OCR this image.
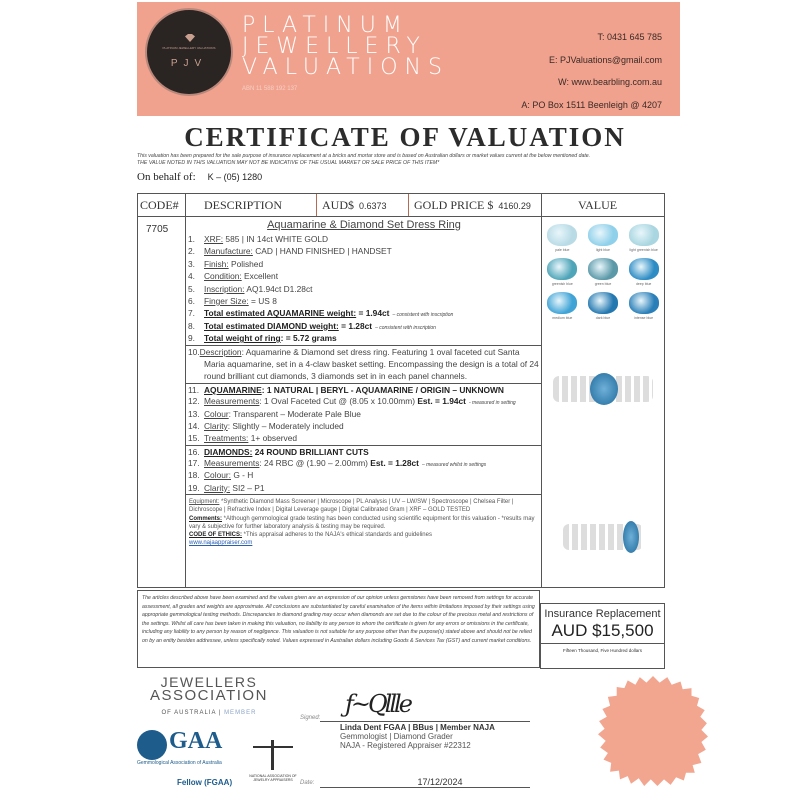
PLATINUM JEWELLERY VALUATIONS
PJV
PLATINUM
JEWELLERY
VALUATIONS
ABN 11 588 192 137
T: 0431 645 785
E: PJValuations@gmail.com
W: www.bearbling.com.au
A: PO Box 1511 Beenleigh @ 4207
CERTIFICATE OF VALUATION
This valuation has been prepared for the sale purpose of insurance replacement at a bricks and mortar store and is based on Australian dollars or market values current at the below mentioned date.
THE VALUE NOTED IN THIS VALUATION MAY NOT BE INDICATIVE OF THE USUAL MARKET OR SALE PRICE OF THIS ITEM*
On behalf of: K – (05) 1280
CODE# DESCRIPTION	AUD$ 0.6373 GOLD PRICE $ 4160.29	VALUE
7705	Aquamarine & Diamond Set Dress Ring
1. XRF: 585 | IN 14ct WHITE GOLD
2. Manufacture: CAD | HAND FINISHED | HANDSET
3. Finish: Polished
4. Condition: Excellent
5. Inscription: AQ1.94ct D1.28ct
6. Finger Size: = US 8
7. Total estimated AQUAMARINE weight: = 1.94ct – consistent with inscription
8. Total estimated DIAMOND weight: = 1.28ct – consistent with inscription
9. Total weight of ring: = 5.72 grams
10.Description: Aquamarine & Diamond set dress ring. Featuring 1 oval faceted cut Santa Maria aquamarine, set in a 4-claw basket setting. Encompassing the design is a total of 24 round brilliant cut diamonds, 3 diamonds set in in each panel channels.
11. AQUAMARINE: 1 NATURAL | BERYL - AQUAMARINE / ORIGIN – UNKNOWN
12. Measurements: 1 Oval Faceted Cut @ (8.05 x 10.00mm) Est. = 1.94ct - measured in setting
13. Colour: Transparent – Moderate Pale Blue
14. Clarity: Slightly – Moderately included
15. Treatments: 1+ observed
16. DIAMONDS: 24 ROUND BRILLIANT CUTS
17. Measurements: 24 RBC @ (1.90 – 2.00mm) Est. = 1.28ct – measured whilst in settings
18. Colour: G - H
19. Clarity: SI2 – P1
Equipment: *Synthetic Diamond Mass Screener | Microscope | PL Analysis | UV – LW/SW | Spectroscope | Chelsea Filter | Dichroscope | Refractive Index | Digital Leverage gauge | Digital Calibrated Gram | XRF – GOLD TESTED
Comments: *Although gemmological grade testing has been conducted using scientific equipment for this valuation - *results may vary & subjective for further laboratory analysis & testing may be required.
CODE OF ETHICS: *This appraisal adheres to the NAJA's ethical standards and guidelines
www.najaappraiser.com
pale blue	light blue	light greenish blue
greenish blue	green blue	deep blue
medium blue	dark blue	intense blue
The articles described above have been examined and the values given are an expression of our opinion unless gemstones have been removed from settings for accurate assessment, all grades and weights are approximate. All conclusions are substantiated by careful examination of the items within limitations imposed by their settings using appropriate gemmological testing methods. Discrepancies in diamond grading may occur when diamonds are set due to the colour of the precious metal and restrictions of the settings. Whilst all care has been taken in making this valuation, no liability to any person to whom the certificate is given for any errors or omissions in the certificate, including any liability to any person by reason of negligence. This valuation is not suitable for any purpose other than the purpose(s) stated above and should not be relied on by an entity besides addressee, unless specifically noted. Values expressed in Australian dollars including Goods & Services Tax (GST) and current market conditions.
Insurance Replacement
AUD $15,500
Fifteen Thousand, Five Hundred dollars
JEWELLERS
ASSOCIATION
OF AUSTRALIA | MEMBER
GAA
Gemmological Association of Australia
Fellow (FGAA)
NATIONAL ASSOCIATION OF JEWELRY APPRAISERS
Signed: ƒ~Qllle
Linda Dent FGAA | BBus | Member NAJA
Gemmologist | Diamond Grader
NAJA - Registered Appraiser #22312
Date:	17/12/2024
